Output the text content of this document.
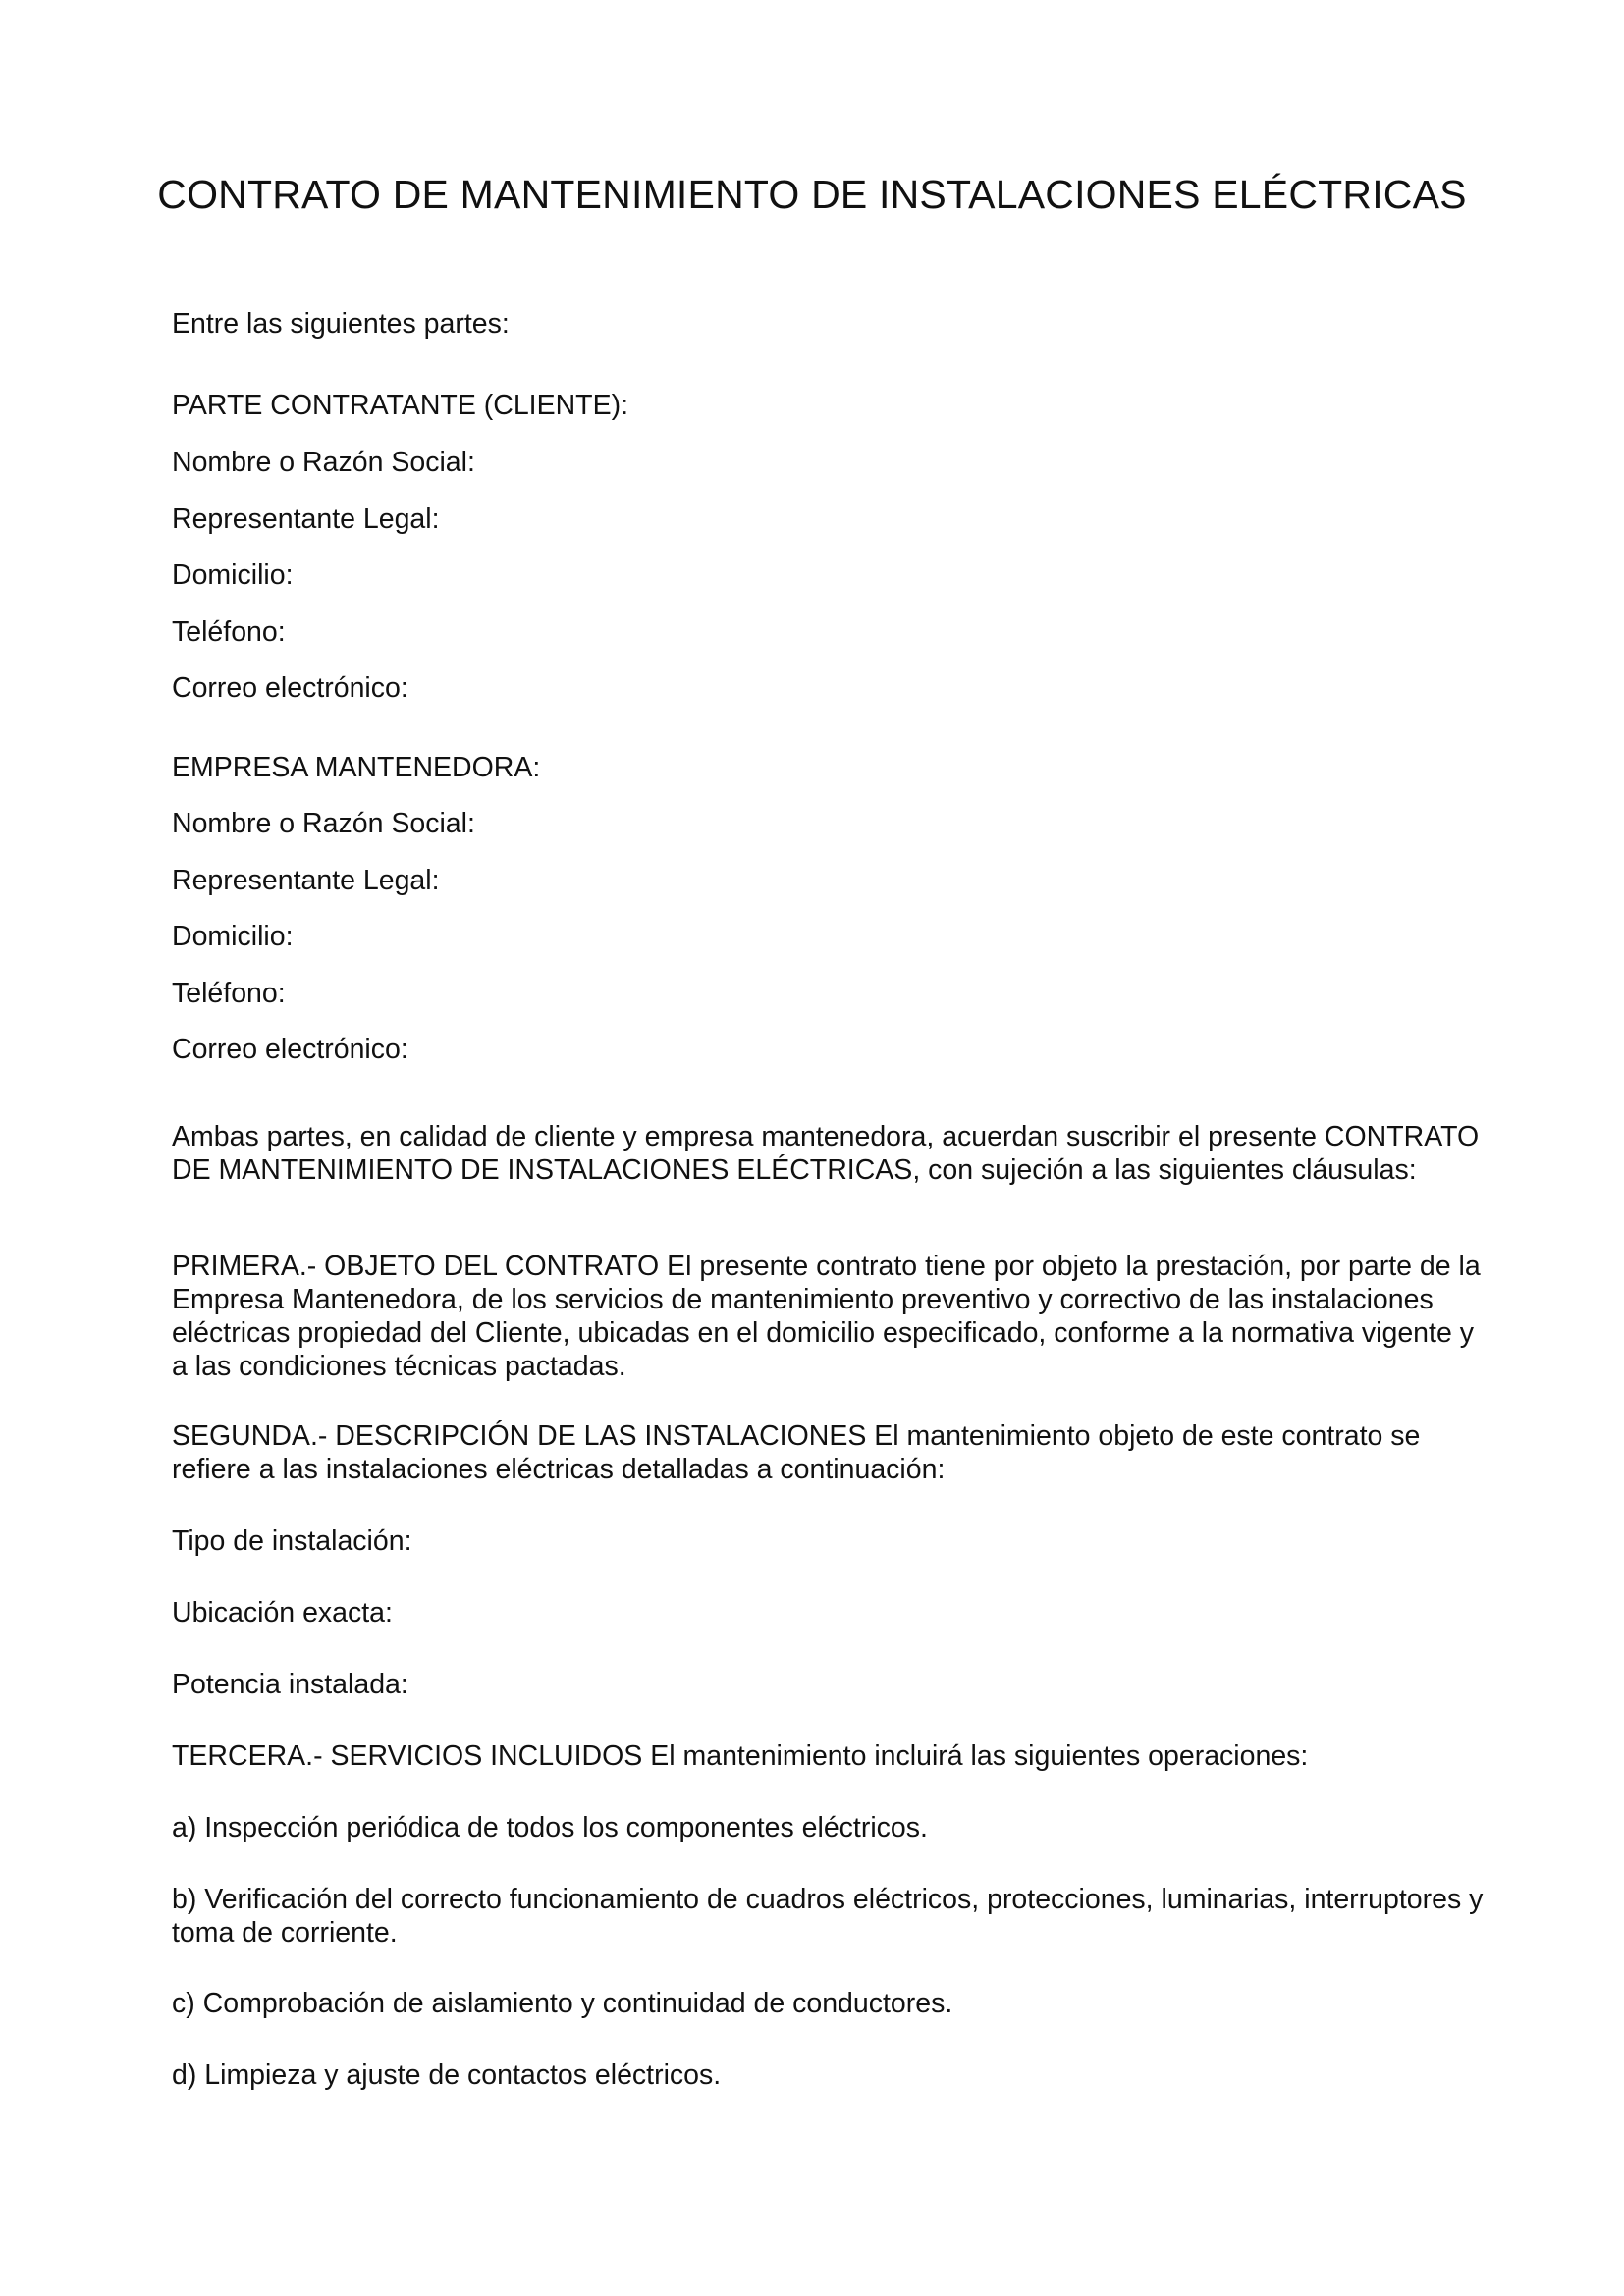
CONTRATO DE MANTENIMIENTO DE INSTALACIONES ELÉCTRICAS

Entre las siguientes partes:

PARTE CONTRATANTE (CLIENTE):

Nombre o Razón Social:

Representante Legal:

Domicilio:

Teléfono:

Correo electrónico:

EMPRESA MANTENEDORA:

Nombre o Razón Social:

Representante Legal:

Domicilio:

Teléfono:

Correo electrónico:

Ambas partes, en calidad de cliente y empresa mantenedora, acuerdan suscribir el presente CONTRATO

DE MANTENIMIENTO DE INSTALACIONES ELÉCTRICAS, con sujeción a las siguientes cláusulas:

PRIMERA.- OBJETO DEL CONTRATO El presente contrato tiene por objeto la prestación, por parte de la

Empresa Mantenedora, de los servicios de mantenimiento preventivo y correctivo de las instalaciones

eléctricas propiedad del Cliente, ubicadas en el domicilio especificado, conforme a la normativa vigente y

a las condiciones técnicas pactadas.

SEGUNDA.- DESCRIPCIÓN DE LAS INSTALACIONES El mantenimiento objeto de este contrato se

refiere a las instalaciones eléctricas detalladas a continuación:

Tipo de instalación:

Ubicación exacta:

Potencia instalada:

TERCERA.- SERVICIOS INCLUIDOS El mantenimiento incluirá las siguientes operaciones:

a) Inspección periódica de todos los componentes eléctricos.

b) Verificación del correcto funcionamiento de cuadros eléctricos, protecciones, luminarias, interruptores y

toma de corriente.

c) Comprobación de aislamiento y continuidad de conductores.

d) Limpieza y ajuste de contactos eléctricos.
